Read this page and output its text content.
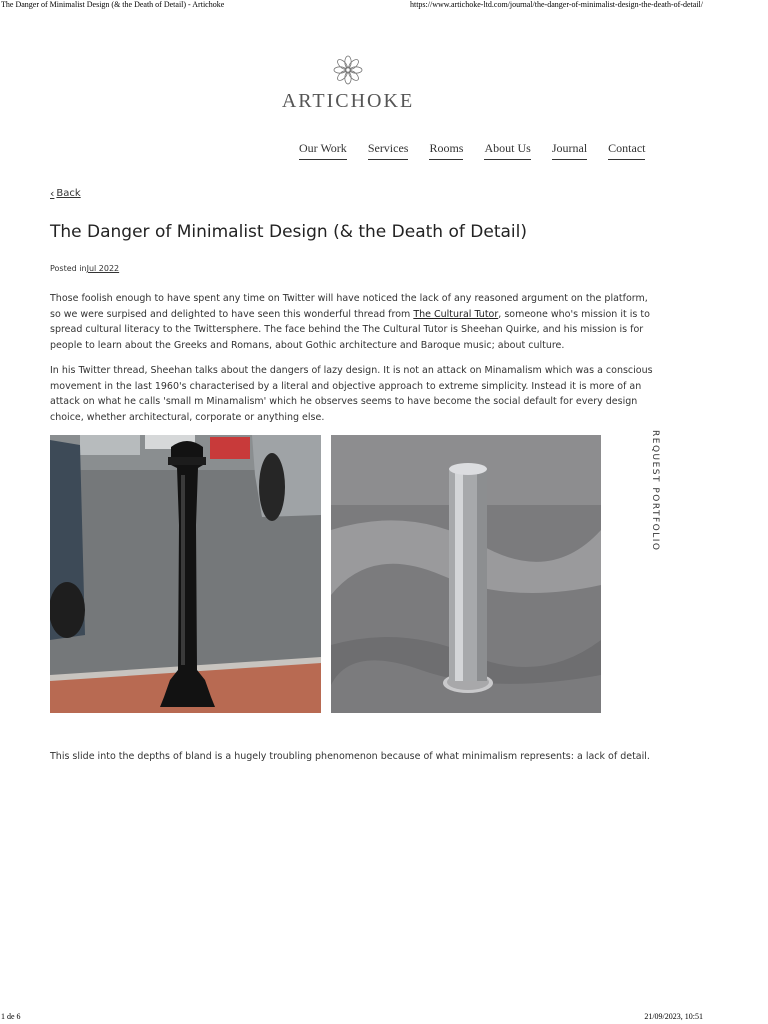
The Danger of Minimalist Design (& the Death of Detail) - Artichoke	https://www.artichoke-ltd.com/journal/the-danger-of-minimalist-design-the-death-of-detail/
ARTICHOKE
Our Work Services Rooms About Us Journal Contact
‹ Back
The Danger of Minimalist Design (& the Death of Detail)
Posted inJul 2022

Those foolish enough to have spent any time on Twitter will have noticed the lack of any reasoned argument on the platform, so we were surpised and delighted to have seen this wonderful thread from The Cultural Tutor, someone who's mission it is to spread cultural literacy to the Twittersphere. The face behind the The Cultural Tutor is Sheehan Quirke, and his mission is for people to learn about the Greeks and Romans, about Gothic architecture and Baroque music; about culture.

In his Twitter thread, Sheehan talks about the dangers of lazy design. It is not an attack on Minamalism which was a conscious movement in the last 1960's characterised by a literal and objective approach to extreme simplicity. Instead it is more of an attack on what he calls 'small m Minamalism' which he observes seems to have become the social default for every design choice, whether architectural, corporate or anything else.

This slide into the depths of bland is a hugely troubling phenomenon because of what minimalism represents: a lack of detail.

REQUEST PORTFOLIO
1 de 6	21/09/2023, 10:51
